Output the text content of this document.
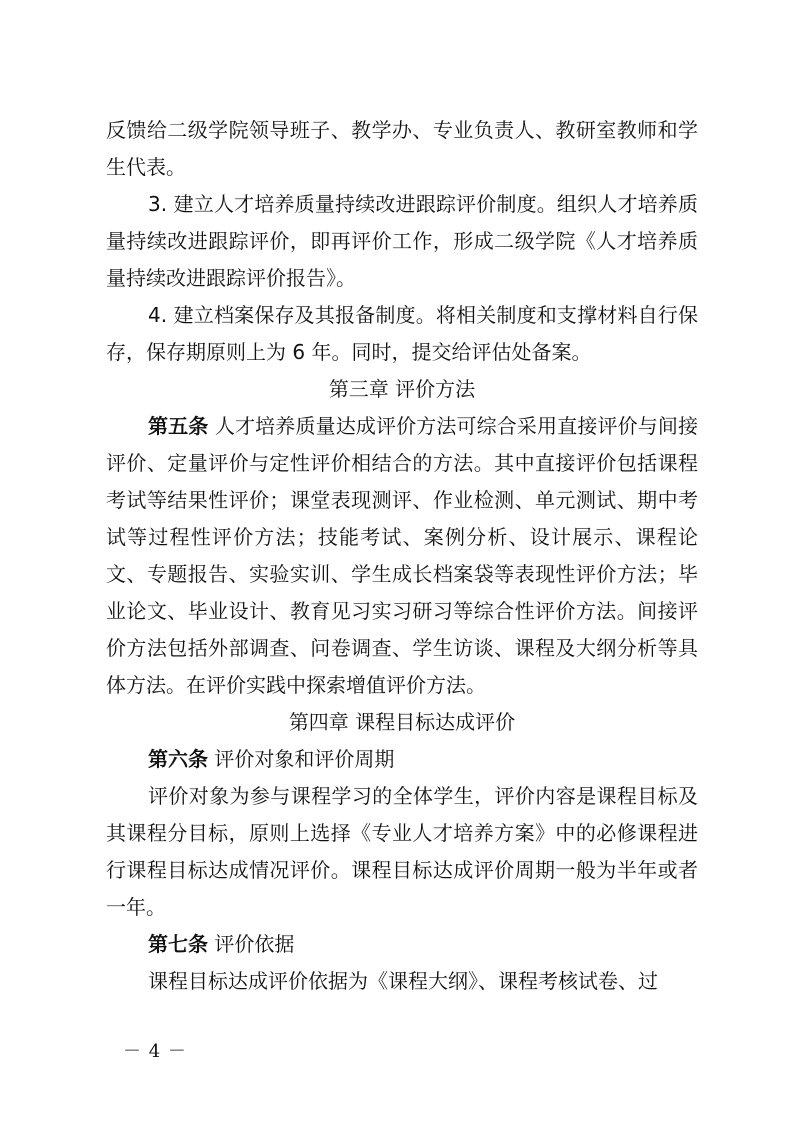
反馈给二级学院领导班子、教学办、专业负责人、教研室教师和学生代表。

3. 建立人才培养质量持续改进跟踪评价制度。组织人才培养质量持续改进跟踪评价，即再评价工作，形成二级学院《人才培养质量持续改进跟踪评价报告》。

4. 建立档案保存及其报备制度。将相关制度和支撑材料自行保存，保存期原则上为 6 年。同时，提交给评估处备案。

第三章 评价方法

第五条 人才培养质量达成评价方法可综合采用直接评价与间接评价、定量评价与定性评价相结合的方法。其中直接评价包括课程考试等结果性评价；课堂表现测评、作业检测、单元测试、期中考试等过程性评价方法；技能考试、案例分析、设计展示、课程论文、专题报告、实验实训、学生成长档案袋等表现性评价方法；毕业论文、毕业设计、教育见习实习研习等综合性评价方法。间接评价方法包括外部调查、问卷调查、学生访谈、课程及大纲分析等具体方法。在评价实践中探索增值评价方法。

第四章 课程目标达成评价

第六条 评价对象和评价周期

评价对象为参与课程学习的全体学生，评价内容是课程目标及其课程分目标，原则上选择《专业人才培养方案》中的必修课程进行课程目标达成情况评价。课程目标达成评价周期一般为半年或者一年。

第七条 评价依据

课程目标达成评价依据为《课程大纲》、课程考核试卷、过

－ 4 －
